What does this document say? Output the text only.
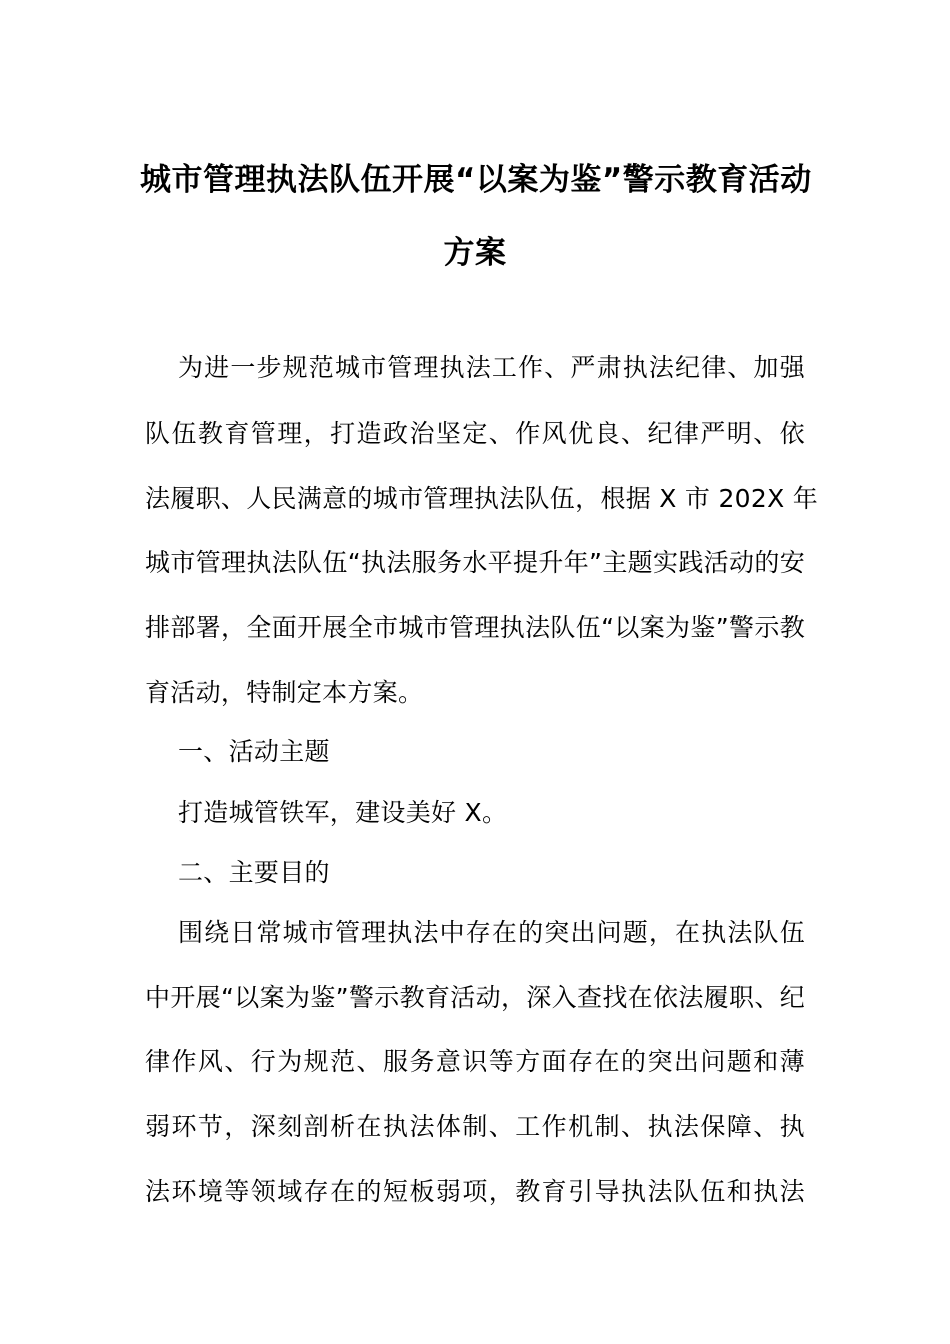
城市管理执法队伍开展“以案为鉴”警示教育活动
方案
为进一步规范城市管理执法工作、严肃执法纪律、加强
队伍教育管理，打造政治坚定、作风优良、纪律严明、依
法履职、人民满意的城市管理执法队伍，根据 X 市 202X 年
城市管理执法队伍“执法服务水平提升年”主题实践活动的安
排部署，全面开展全市城市管理执法队伍“以案为鉴”警示教
育活动，特制定本方案。
一、活动主题
打造城管铁军，建设美好 X。
二、主要目的
围绕日常城市管理执法中存在的突出问题，在执法队伍
中开展“以案为鉴”警示教育活动，深入查找在依法履职、纪
律作风、行为规范、服务意识等方面存在的突出问题和薄
弱环节，深刻剖析在执法体制、工作机制、执法保障、执
法环境等领域存在的短板弱项，教育引导执法队伍和执法
